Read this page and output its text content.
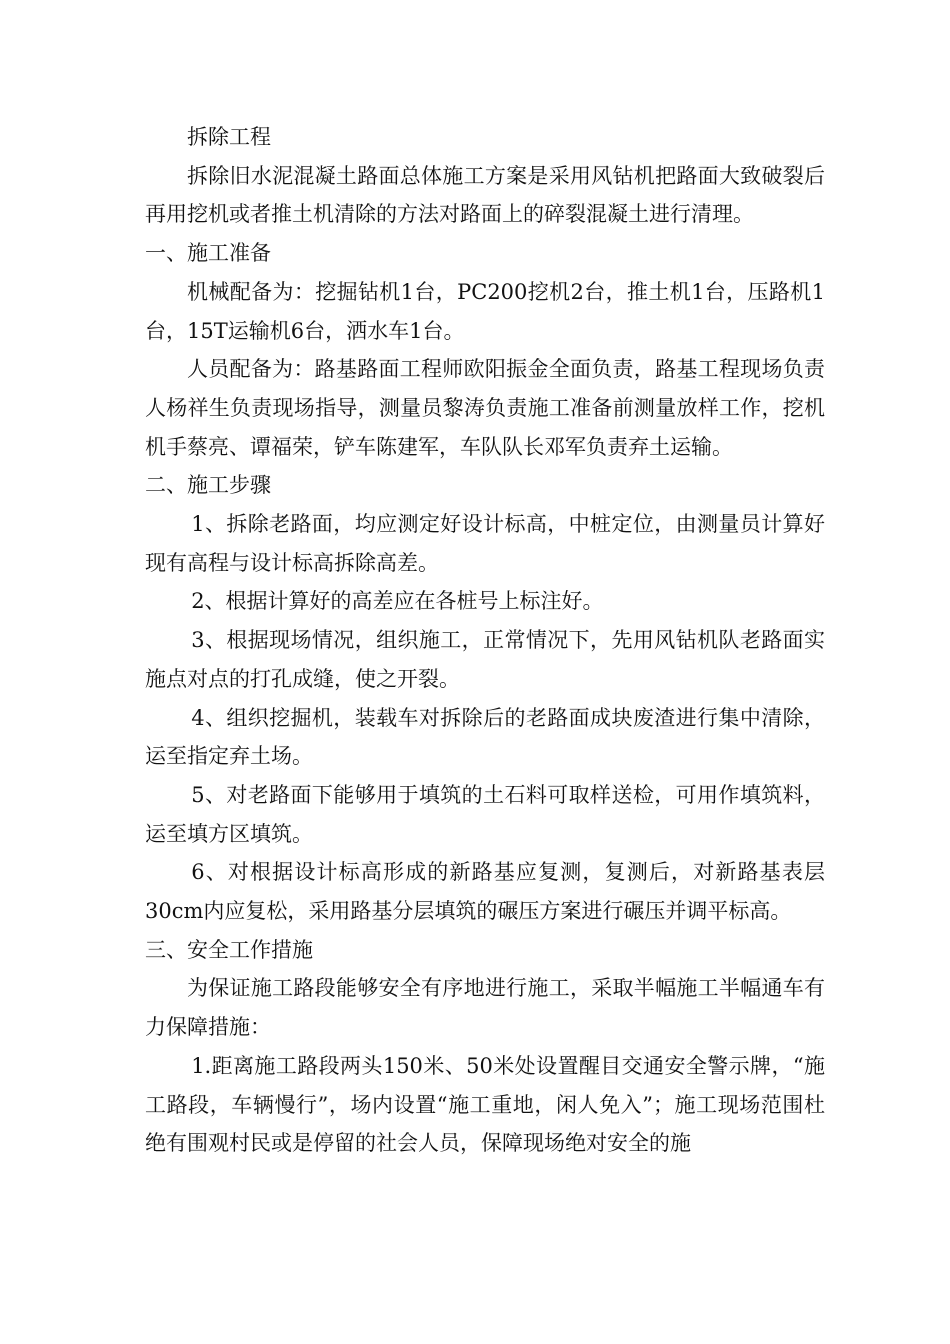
拆除工程

拆除旧水泥混凝土路面总体施工方案是采用风钻机把路面大致破裂后再用挖机或者推土机清除的方法对路面上的碎裂混凝土进行清理。

一、施工准备

机械配备为：挖掘钻机1台，PC200挖机2台，推土机1台，压路机1台，15T运输机6台，洒水车1台。

人员配备为：路基路面工程师欧阳振金全面负责，路基工程现场负责人杨祥生负责现场指导，测量员黎涛负责施工准备前测量放样工作，挖机机手蔡亮、谭福荣，铲车陈建军，车队队长邓军负责弃土运输。

二、施工步骤

1、拆除老路面，均应测定好设计标高，中桩定位，由测量员计算好现有高程与设计标高拆除高差。

2、根据计算好的高差应在各桩号上标注好。

3、根据现场情况，组织施工，正常情况下，先用风钻机队老路面实施点对点的打孔成缝，使之开裂。

4、组织挖掘机，装载车对拆除后的老路面成块废渣进行集中清除，运至指定弃土场。

5、对老路面下能够用于填筑的土石料可取样送检，可用作填筑料，运至填方区填筑。

6、对根据设计标高形成的新路基应复测，复测后，对新路基表层30cm内应复松，采用路基分层填筑的碾压方案进行碾压并调平标高。

三、安全工作措施

为保证施工路段能够安全有序地进行施工，采取半幅施工半幅通车有力保障措施：

1.距离施工路段两头150米、50米处设置醒目交通安全警示牌，“施工路段，车辆慢行”，场内设置“施工重地，闲人免入”；施工现场范围杜绝有围观村民或是停留的社会人员，保障现场绝对安全的施
